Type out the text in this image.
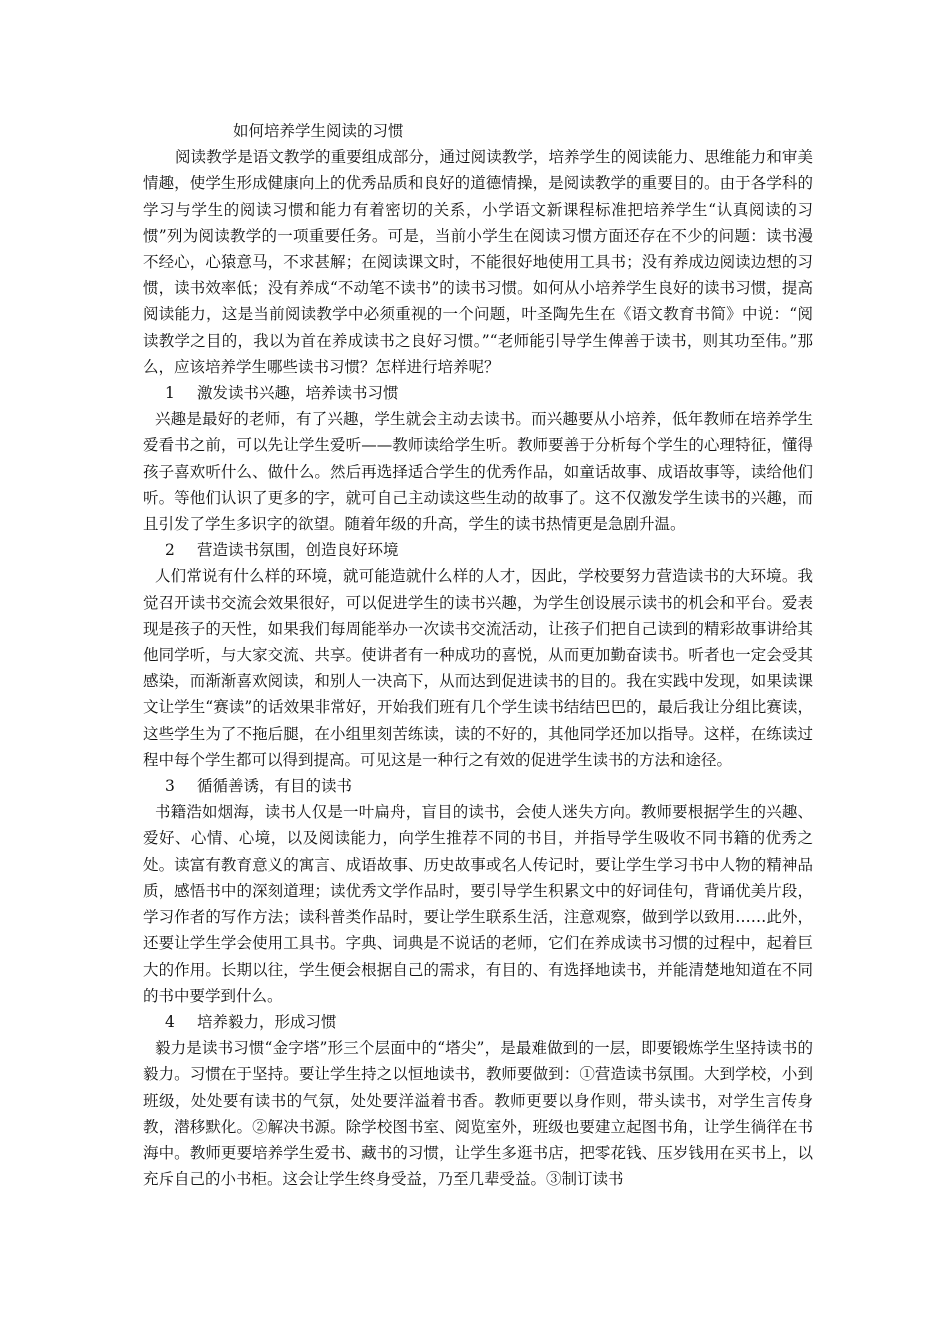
如何培养学生阅读的习惯

阅读教学是语文教学的重要组成部分，通过阅读教学，培养学生的阅读能力、思维能力和审美情趣，使学生形成健康向上的优秀品质和良好的道德情操，是阅读教学的重要目的。由于各学科的学习与学生的阅读习惯和能力有着密切的关系，小学语文新课程标准把培养学生“认真阅读的习惯”列为阅读教学的一项重要任务。可是，当前小学生在阅读习惯方面还存在不少的问题：读书漫不经心，心猿意马，不求甚解；在阅读课文时，不能很好地使用工具书；没有养成边阅读边想的习惯，读书效率低；没有养成“不动笔不读书”的读书习惯。如何从小培养学生良好的读书习惯，提高阅读能力，这是当前阅读教学中必须重视的一个问题，叶圣陶先生在《语文教育书简》中说：“阅读教学之目的，我以为首在养成读书之良好习惯。”“老师能引导学生俾善于读书，则其功至伟。”那么，应该培养学生哪些读书习惯？怎样进行培养呢？

1 激发读书兴趣，培养读书习惯

兴趣是最好的老师，有了兴趣，学生就会主动去读书。而兴趣要从小培养，低年教师在培养学生爱看书之前，可以先让学生爱听——教师读给学生听。教师要善于分析每个学生的心理特征，懂得孩子喜欢听什么、做什么。然后再选择适合学生的优秀作品，如童话故事、成语故事等，读给他们听。等他们认识了更多的字，就可自己主动读这些生动的故事了。这不仅激发学生读书的兴趣，而且引发了学生多识字的欲望。随着年级的升高，学生的读书热情更是急剧升温。

2 营造读书氛围，创造良好环境

人们常说有什么样的环境，就可能造就什么样的人才，因此，学校要努力营造读书的大环境。我觉召开读书交流会效果很好，可以促进学生的读书兴趣，为学生创设展示读书的机会和平台。爱表现是孩子的天性，如果我们每周能举办一次读书交流活动，让孩子们把自己读到的精彩故事讲给其他同学听，与大家交流、共享。使讲者有一种成功的喜悦，从而更加勤奋读书。听者也一定会受其感染，而渐渐喜欢阅读，和别人一决高下，从而达到促进读书的目的。我在实践中发现，如果读课文让学生“赛读”的话效果非常好，开始我们班有几个学生读书结结巴巴的，最后我让分组比赛读，这些学生为了不拖后腿，在小组里刻苦练读，读的不好的，其他同学还加以指导。这样，在练读过程中每个学生都可以得到提高。可见这是一种行之有效的促进学生读书的方法和途径。

3 循循善诱，有目的读书

书籍浩如烟海，读书人仅是一叶扁舟，盲目的读书，会使人迷失方向。教师要根据学生的兴趣、爱好、心情、心境，以及阅读能力，向学生推荐不同的书目，并指导学生吸收不同书籍的优秀之处。读富有教育意义的寓言、成语故事、历史故事或名人传记时，要让学生学习书中人物的精神品质，感悟书中的深刻道理；读优秀文学作品时，要引导学生积累文中的好词佳句，背诵优美片段，学习作者的写作方法；读科普类作品时，要让学生联系生活，注意观察，做到学以致用……此外，还要让学生学会使用工具书。字典、词典是不说话的老师，它们在养成读书习惯的过程中，起着巨大的作用。长期以往，学生便会根据自己的需求，有目的、有选择地读书，并能清楚地知道在不同的书中要学到什么。

4 培养毅力，形成习惯

毅力是读书习惯“金字塔”形三个层面中的“塔尖”，是最难做到的一层，即要锻炼学生坚持读书的毅力。习惯在于坚持。要让学生持之以恒地读书，教师要做到：①营造读书氛围。大到学校，小到班级，处处要有读书的气氛，处处要洋溢着书香。教师更要以身作则，带头读书，对学生言传身教，潜移默化。②解决书源。除学校图书室、阅览室外，班级也要建立起图书角，让学生徜徉在书海中。教师更要培养学生爱书、藏书的习惯，让学生多逛书店，把零花钱、压岁钱用在买书上，以充斥自己的小书柜。这会让学生终身受益，乃至几辈受益。③制订读书
